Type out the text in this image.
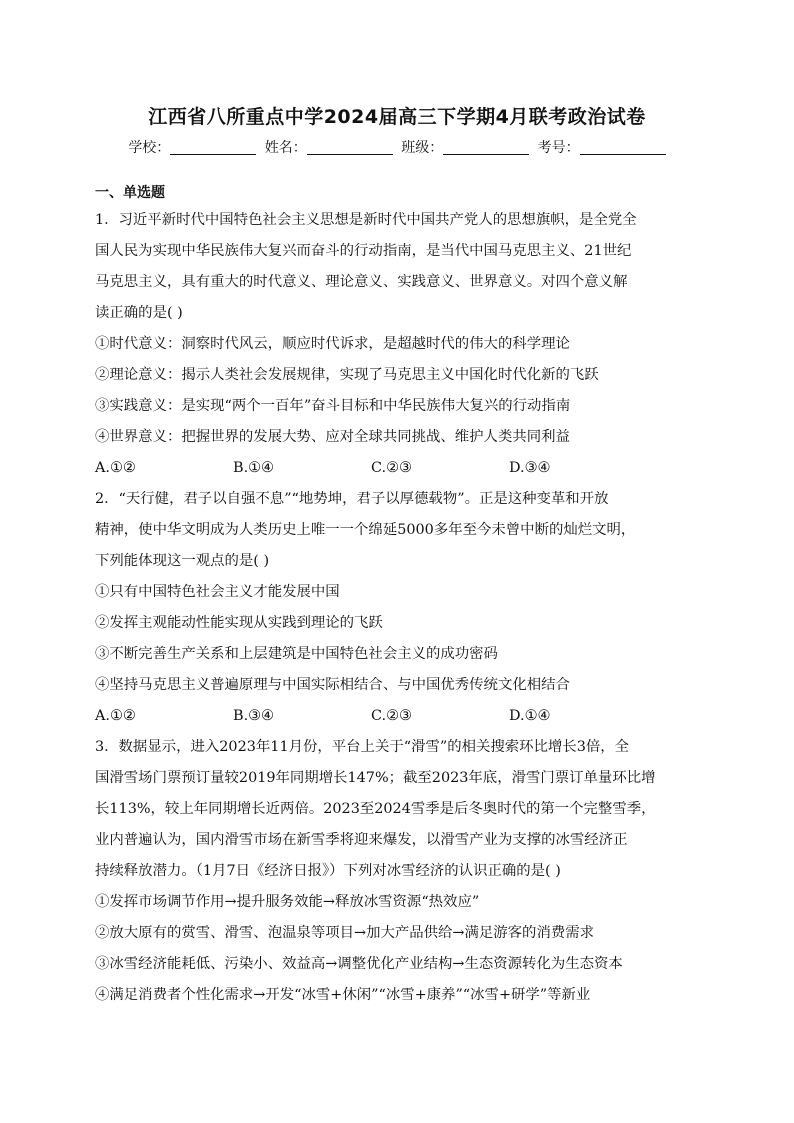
江西省八所重点中学2024届高三下学期4月联考政治试卷
学校：	姓名：	班级：	考号：
一、单选题

1．习近平新时代中国特色社会主义思想是新时代中国共产党人的思想旗帜，是全党全

国人民为实现中华民族伟大复兴而奋斗的行动指南，是当代中国马克思主义、21世纪

马克思主义，具有重大的时代意义、理论意义、实践意义、世界意义。对四个意义解

读正确的是( )

①时代意义：洞察时代风云，顺应时代诉求，是超越时代的伟大的科学理论

②理论意义：揭示人类社会发展规律，实现了马克思主义中国化时代化新的飞跃

③实践意义：是实现“两个一百年”奋斗目标和中华民族伟大复兴的行动指南

④世界意义：把握世界的发展大势、应对全球共同挑战、维护人类共同利益

A.①②	B.①④	C.②③	D.③④

2．“天行健，君子以自强不息”“地势坤，君子以厚德载物”。正是这种变革和开放

精神，使中华文明成为人类历史上唯一一个绵延5000多年至今未曾中断的灿烂文明，

下列能体现这一观点的是( )

①只有中国特色社会主义才能发展中国

②发挥主观能动性能实现从实践到理论的飞跃

③不断完善生产关系和上层建筑是中国特色社会主义的成功密码

④坚持马克思主义普遍原理与中国实际相结合、与中国优秀传统文化相结合

A.①②	B.③④	C.②③	D.①④

3．数据显示，进入2023年11月份，平台上关于“滑雪”的相关搜索环比增长3倍，全

国滑雪场门票预订量较2019年同期增长147%；截至2023年底，滑雪门票订单量环比增

长113%，较上年同期增长近两倍。2023至2024雪季是后冬奥时代的第一个完整雪季，

业内普遍认为，国内滑雪市场在新雪季将迎来爆发，以滑雪产业为支撑的冰雪经济正

持续释放潜力。（1月7日《经济日报》）下列对冰雪经济的认识正确的是( )

①发挥市场调节作用→提升服务效能→释放冰雪资源“热效应”

②放大原有的赏雪、滑雪、泡温泉等项目→加大产品供给→满足游客的消费需求

③冰雪经济能耗低、污染小、效益高→调整优化产业结构→生态资源转化为生态资本

④满足消费者个性化需求→开发“冰雪+休闲”“冰雪+康养”“冰雪+研学”等新业
